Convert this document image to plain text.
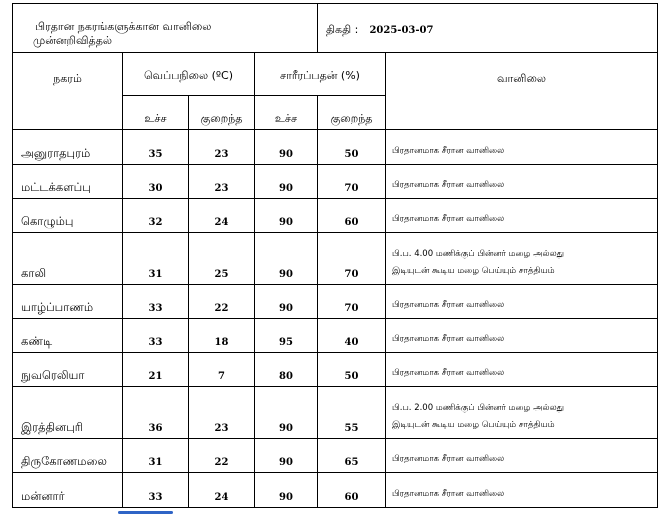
பிரதான நகரங்களுக்கான வானிலை
முன்னறிவித்தல்				திகதி : 2025-03-07	

நகரம்	வெப்பநிலை (ºC)		சாரீரப்பதன் (%)		வானிலை

	உச்ச	குறைந்த	உச்ச	குறைந்த	

அனுராதபுரம்	35	23	90	50	பிரதானமாக சீரான வானிலை

மட்டக்களப்பு	30	23	90	70	பிரதானமாக சீரான வானிலை

கொழும்பு	32	24	90	60	பிரதானமாக சீரான வானிலை

காலி	31	25	90	70	பி.ப. 4.00 மணிக்குப் பின்னர் மழை அல்லது
இடியுடன் கூடிய மழை பெய்யும் சாத்தியம்

யாழ்ப்பாணம்	33	22	90	70	பிரதானமாக சீரான வானிலை

கண்டி	33	18	95	40	பிரதானமாக சீரான வானிலை

நுவரெலியா	21	7	80	50	பிரதானமாக சீரான வானிலை

இரத்தினபுரி	36	23	90	55	பி.ப. 2.00 மணிக்குப் பின்னர் மழை அல்லது
இடியுடன் கூடிய மழை பெய்யும் சாத்தியம்

திருகோணமலை	31	22	90	65	பிரதானமாக சீரான வானிலை

மன்னார்	33	24	90	60	பிரதானமாக சீரான வானிலை
